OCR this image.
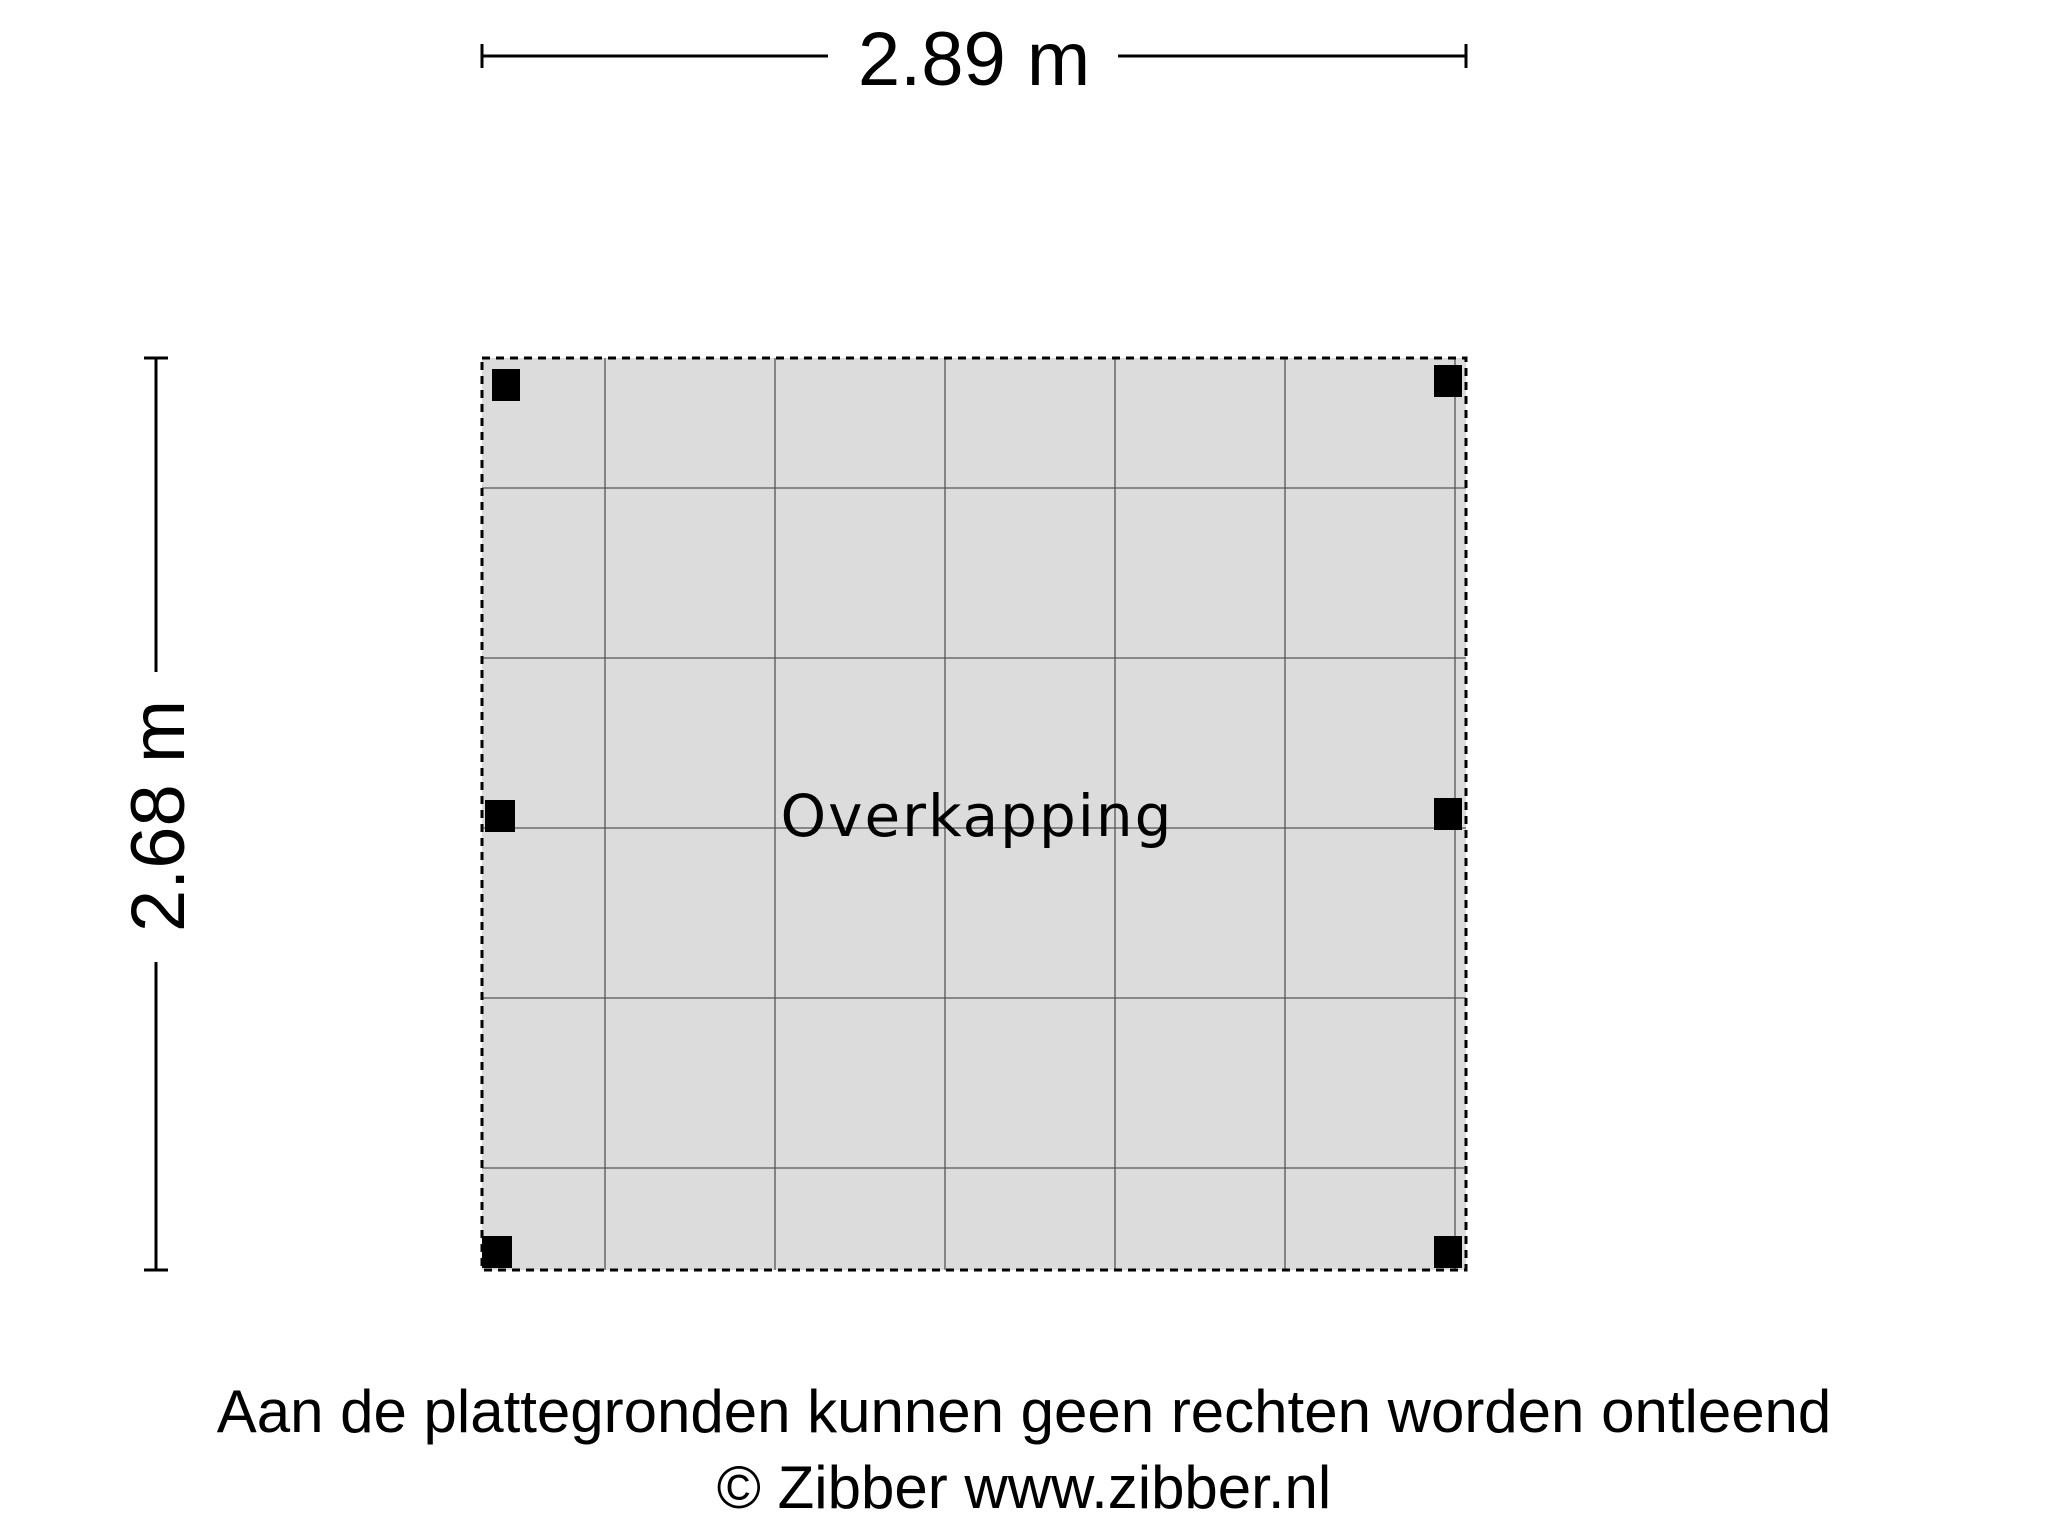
2.89 m
2.68 m	Overkapping
Aan de plattegronden kunnen geen rechten worden ontleend
© Zibber www.zibber.nl
